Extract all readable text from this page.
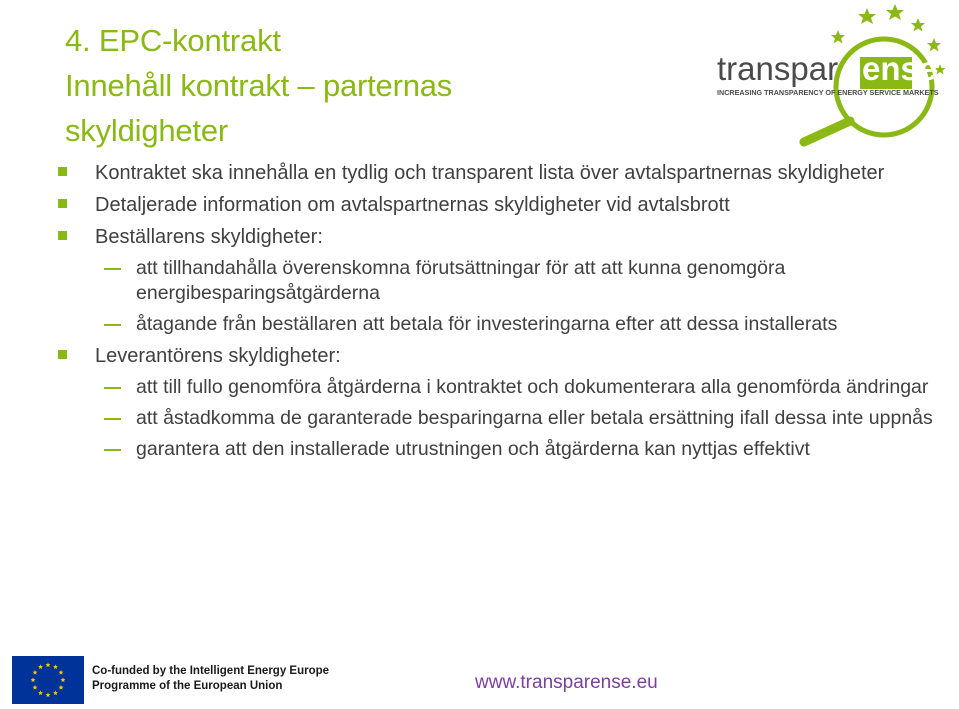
4. EPC-kontrakt
Innehåll kontrakt – parternas
skyldigheter
transpar ense
INCREASING TRANSPARENCY OF ENERGY SERVICE MARKETS
Kontraktet ska innehålla en tydlig och transparent lista över avtalspartnernas skyldigheter
Detaljerade information om avtalspartnernas skyldigheter vid avtalsbrott
Beställarens skyldigheter:
att tillhandahålla överenskomna förutsättningar för att att kunna genomgöra energibesparingsåtgärderna
åtagande från beställaren att betala för investeringarna efter att dessa installerats
Leverantörens skyldigheter:
att till fullo genomföra åtgärderna i kontraktet och dokumenterara alla genomförda ändringar
att åstadkomma de garanterade besparingarna eller betala ersättning ifall dessa inte uppnås
garantera att den installerade utrustningen och åtgärderna kan nyttjas effektivt
Co-funded by the Intelligent Energy Europe
Programme of the European Union	www.transparense.eu
